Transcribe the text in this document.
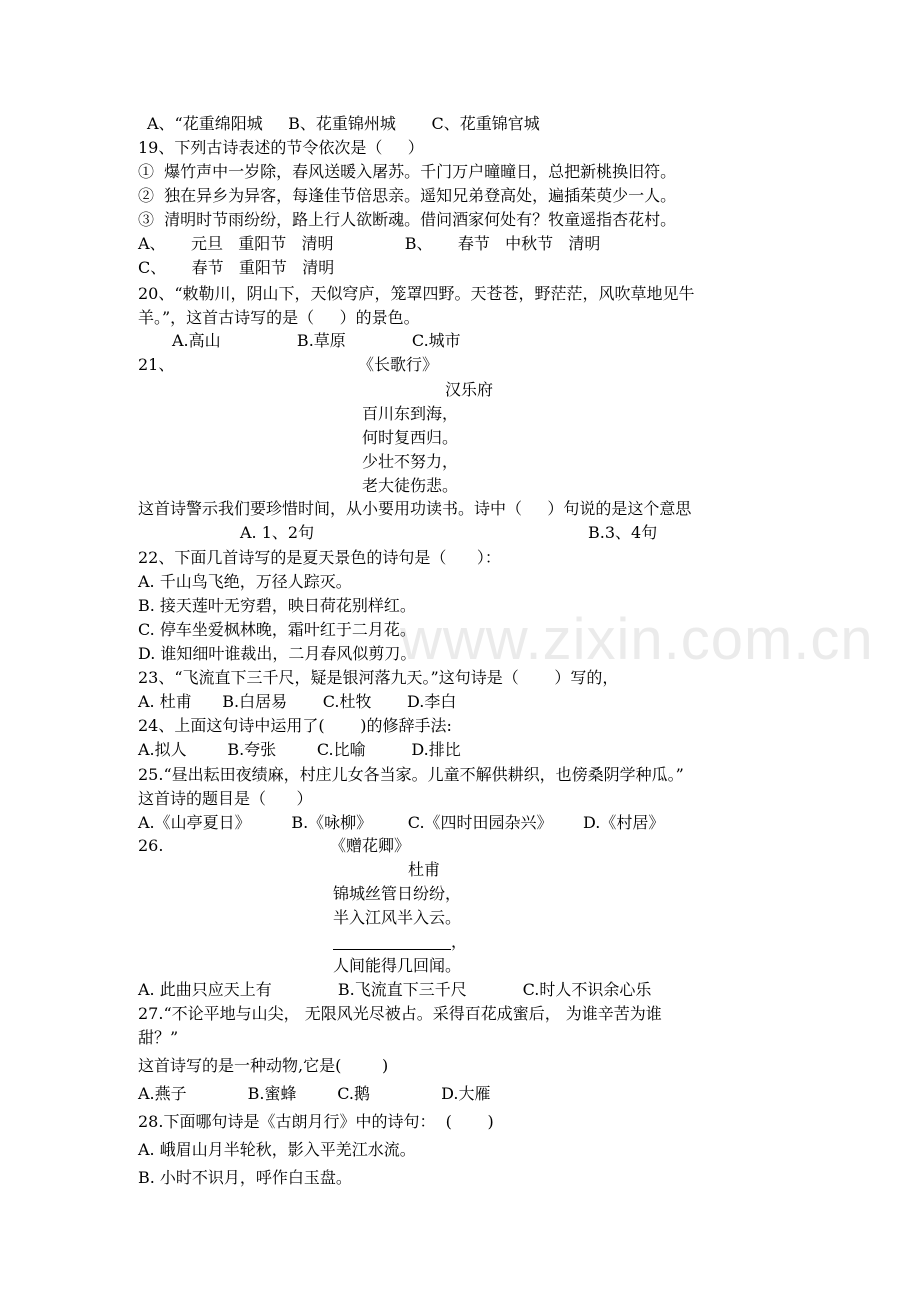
www.zixin.com.cn
A、“花重绵阳城     B、花重锦州城       C、花重锦官城
19、下列古诗表述的节令依次是（     ）
①  爆竹声中一岁除，春风送暖入屠苏。千门万户曈曈日，总把新桃换旧符。
②  独在异乡为异客，每逢佳节倍思亲。遥知兄弟登高处，遍插茱萸少一人。
③  清明时节雨纷纷，路上行人欲断魂。借问酒家何处有？牧童遥指杏花村。
A、     元旦   重阳节   清明              B、     春节   中秋节   清明
C、     春节   重阳节   清明
20、“敕勒川，阴山下，天似穹庐，笼罩四野。天苍苍，野茫茫，风吹草地见牛
羊。”，这首古诗写的是（     ）的景色。
A.高山               B.草原             C.城市
21、	《长歌行》
汉乐府
百川东到海，
何时复西归。
少壮不努力，
老大徒伤悲。
这首诗警示我们要珍惜时间，从小要用功读书。诗中（     ）句说的是这个意思
A. 1、2句	B.3、4句
22、下面几首诗写的是夏天景色的诗句是（      ）：
A. 千山鸟飞绝，万径人踪灭。
B. 接天莲叶无穷碧，映日荷花别样红。
C. 停车坐爱枫林晚，霜叶红于二月花。
D. 谁知细叶谁裁出，二月春风似剪刀。
23、“飞流直下三千尺，疑是银河落九天。”这句诗是（       ）写的，
A. 杜甫      B.白居易       C.杜牧       D.李白
24、上面这句诗中运用了(       )的修辞手法:
A.拟人        B.夸张        C.比喻         D.排比
25.“昼出耘田夜绩麻，村庄儿女各当家。儿童不解供耕织，也傍桑阴学种瓜。”
这首诗的题目是（      ）
A.《山亭夏日》        B.《咏柳》       C.《四时田园杂兴》      D.《村居》
26.	《赠花卿》
杜甫
锦城丝管日纷纷，
半入江风半入云。
，
人间能得几回闻。
A. 此曲只应天上有             B.飞流直下三千尺           C.时人不识余心乐
27.“不论平地与山尖， 无限风光尽被占。采得百花成蜜后， 为谁辛苦为谁
甜？”
这首诗写的是一种动物,它是(        )
A.燕子            B.蜜蜂        C.鹅              D.大雁
28.下面哪句诗是《古朗月行》中的诗句：  (       )
A. 峨眉山月半轮秋，影入平羌江水流。
B. 小时不识月，呼作白玉盘。
